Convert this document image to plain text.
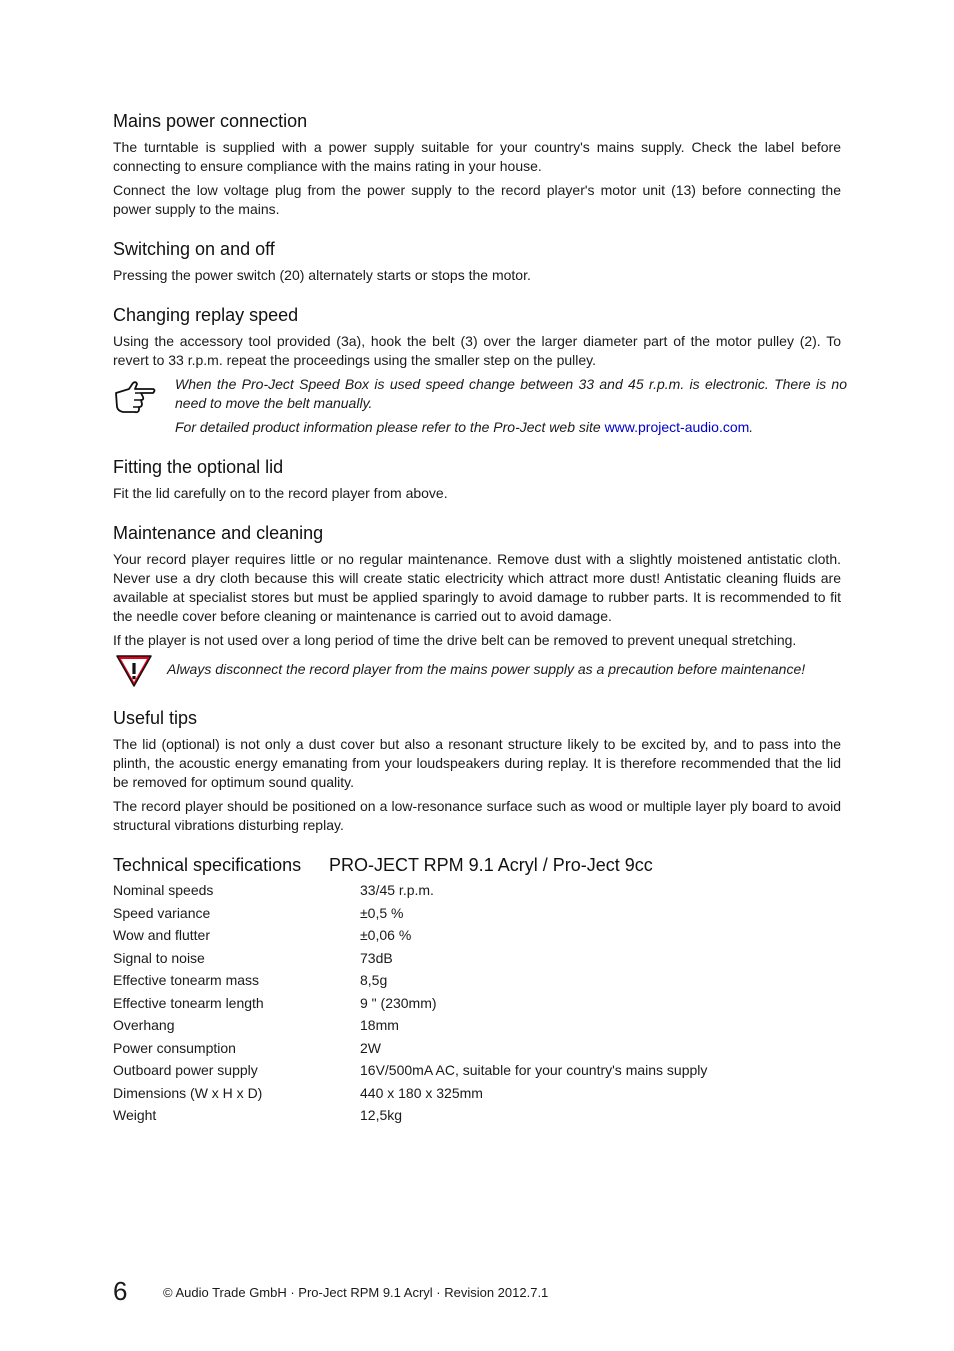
Mains power connection

The turntable is supplied with a power supply suitable for your country's mains supply. Check the label before connecting to ensure compliance with the mains rating in your house.

Connect the low voltage plug from the power supply to the record player's motor unit (13) before connecting the power supply to the mains.

Switching on and off

Pressing the power switch (20) alternately starts or stops the motor.

Changing replay speed

Using the accessory tool provided (3a), hook the belt (3) over the larger diameter part of the motor pulley (2). To revert to 33 r.p.m. repeat the proceedings using the smaller step on the pulley.

When the Pro-Ject Speed Box is used speed change between 33 and 45 r.p.m. is electronic. There is no need to move the belt manually.

For detailed product information please refer to the Pro-Ject web site www.project-audio.com.

Fitting the optional lid

Fit the lid carefully on to the record player from above.

Maintenance and cleaning

Your record player requires little or no regular maintenance. Remove dust with a slightly moistened antistatic cloth. Never use a dry cloth because this will create static electricity which attract more dust! Antistatic cleaning fluids are available at specialist stores but must be applied sparingly to avoid damage to rubber parts. It is recommended to fit the needle cover before cleaning or maintenance is carried out to avoid damage.

If the player is not used over a long period of time the drive belt can be removed to prevent unequal stretching.

Always disconnect the record player from the mains power supply as a precaution before maintenance!

Useful tips

The lid (optional) is not only a dust cover but also a resonant structure likely to be excited by, and to pass into the plinth, the acoustic energy emanating from your loudspeakers during replay. It is therefore recommended that the lid be removed for optimum sound quality.

The record player should be positioned on a low-resonance surface such as wood or multiple layer ply board to avoid structural vibrations disturbing replay.

Technical specifications	PRO-JECT RPM 9.1 Acryl / Pro-Ject 9cc
Nominal speeds	33/45 r.p.m.
Speed variance	±0,5 %
Wow and flutter	±0,06 %
Signal to noise	73dB
Effective tonearm mass	8,5g
Effective tonearm length	9 " (230mm)
Overhang	18mm
Power consumption	2W
Outboard power supply	16V/500mA AC, suitable for your country's mains supply
Dimensions (W x H x D)	440 x 180 x 325mm
Weight	12,5kg
6	© Audio Trade GmbH · Pro-Ject RPM 9.1 Acryl · Revision 2012.7.1
